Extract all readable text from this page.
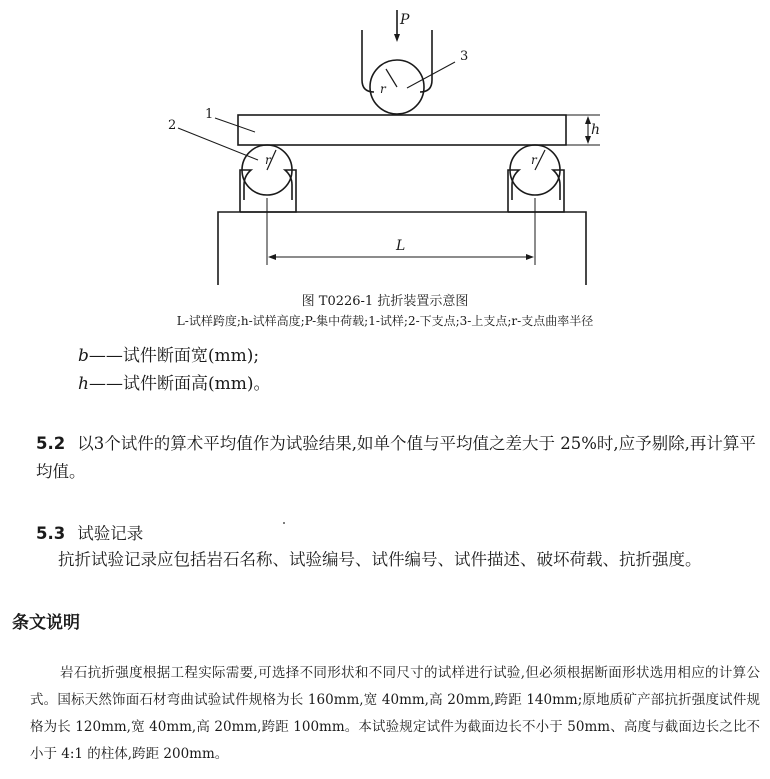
P
1
2
3
r
r	r
h
L
图 T0226-1 抗折装置示意图
L-试样跨度;h-试样高度;P-集中荷载;1-试样;2-下支点;3-上支点;r-支点曲率半径
b——试件断面宽(mm);
h——试件断面高(mm)。
5.2 以3个试件的算术平均值作为试验结果,如单个值与平均值之差大于 25%时,应予剔除,再计算平均值。
5.3 试验记录
抗折试验记录应包括岩石名称、试验编号、试件编号、试件描述、破坏荷载、抗折强度。
条文说明
岩石抗折强度根据工程实际需要,可选择不同形状和不同尺寸的试样进行试验,但必须根据断面形状选用相应的计算公式。国标天然饰面石材弯曲试验试件规格为长 160mm,宽 40mm,高 20mm,跨距 140mm;原地质矿产部抗折强度试件规格为长 120mm,宽 40mm,高 20mm,跨距 100mm。本试验规定试件为截面边长不小于 50mm、高度与截面边长之比不小于 4:1 的柱体,跨距 200mm。
